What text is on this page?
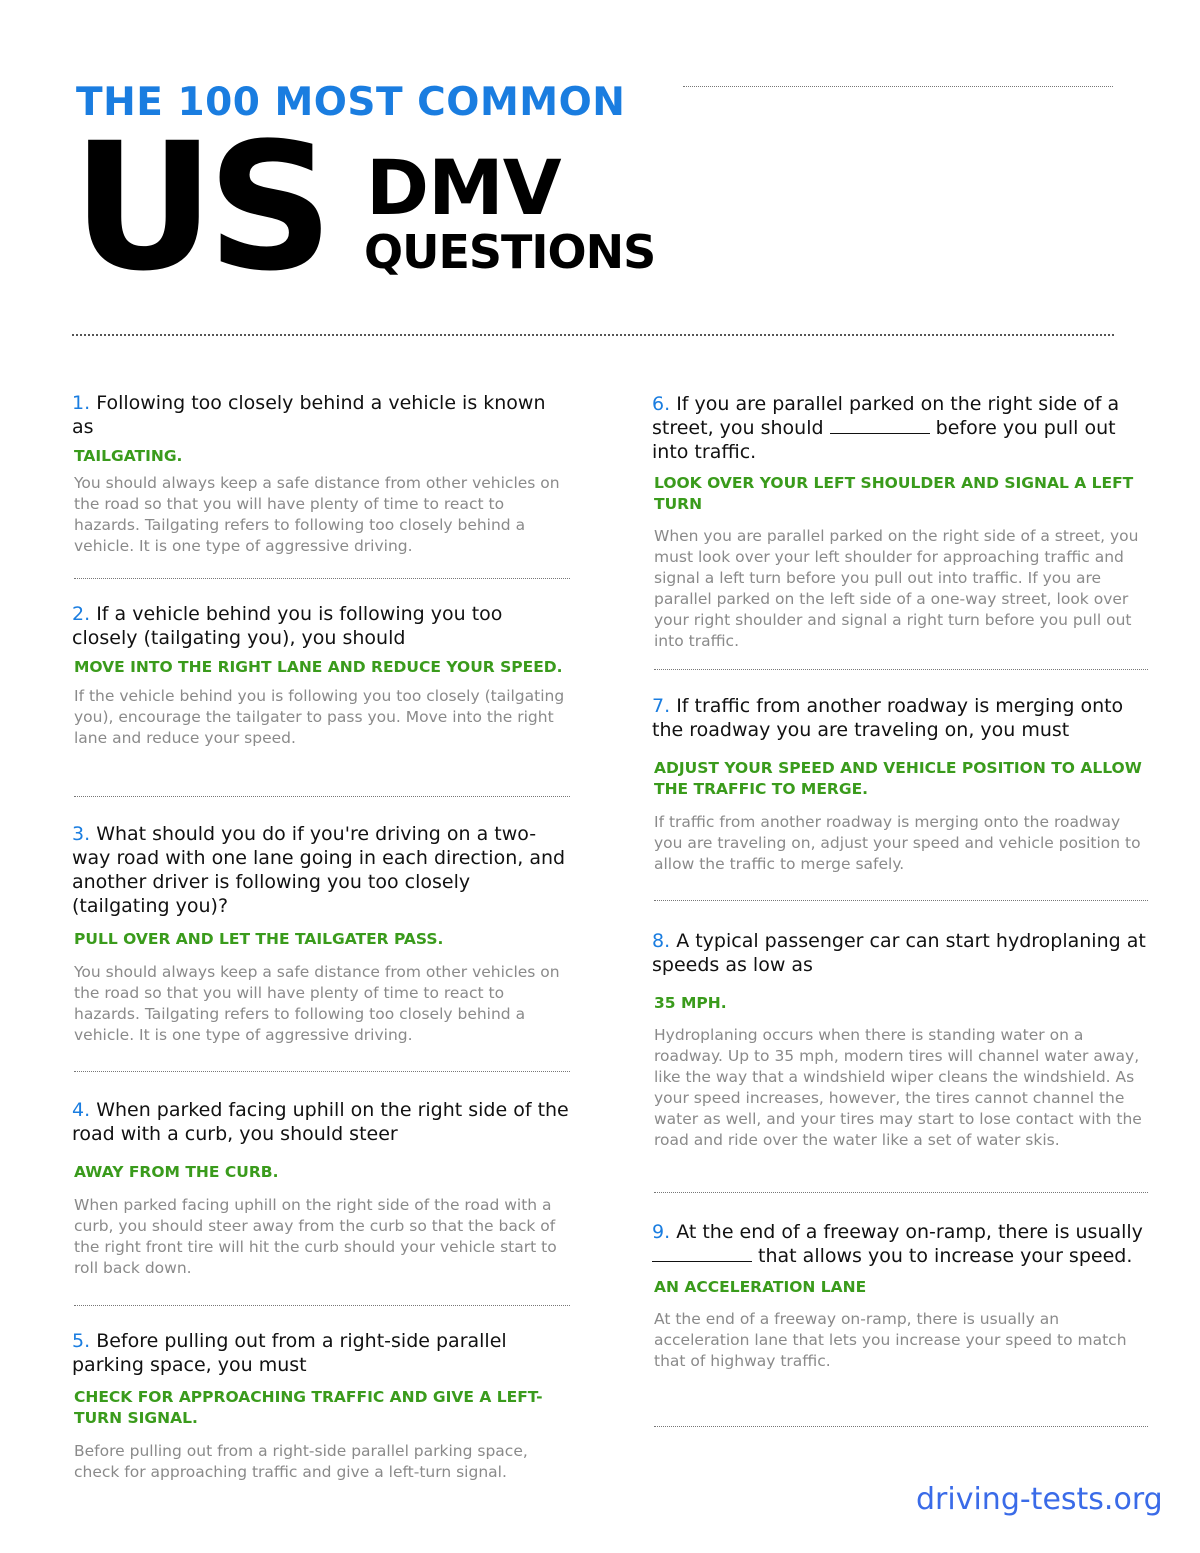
THE 100 MOST COMMON
US DMV
QUESTIONS

1. Following too closely behind a vehicle is known as

TAILGATING.

You should always keep a safe distance from other vehicles on the road so that you will have plenty of time to react to hazards. Tailgating refers to following too closely behind a vehicle. It is one type of aggressive driving.

2. If a vehicle behind you is following you too closely (tailgating you), you should

MOVE INTO THE RIGHT LANE AND REDUCE YOUR SPEED.

If the vehicle behind you is following you too closely (tailgating you), encourage the tailgater to pass you. Move into the right lane and reduce your speed.

3. What should you do if you're driving on a two-way road with one lane going in each direction, and another driver is following you too closely (tailgating you)?

PULL OVER AND LET THE TAILGATER PASS.

You should always keep a safe distance from other vehicles on the road so that you will have plenty of time to react to hazards. Tailgating refers to following too closely behind a vehicle. It is one type of aggressive driving.

4. When parked facing uphill on the right side of the road with a curb, you should steer

AWAY FROM THE CURB.

When parked facing uphill on the right side of the road with a curb, you should steer away from the curb so that the back of the right front tire will hit the curb should your vehicle start to roll back down.

5. Before pulling out from a right-side parallel parking space, you must

CHECK FOR APPROACHING TRAFFIC AND GIVE A LEFT-TURN SIGNAL.

Before pulling out from a right-side parallel parking space, check for approaching traffic and give a left-turn signal.

6. If you are parallel parked on the right side of a street, you should	before you pull out into traffic.

LOOK OVER YOUR LEFT SHOULDER AND SIGNAL A LEFT TURN

When you are parallel parked on the right side of a street, you must look over your left shoulder for approaching traffic and signal a left turn before you pull out into traffic. If you are parallel parked on the left side of a one-way street, look over your right shoulder and signal a right turn before you pull out into traffic.

7. If traffic from another roadway is merging onto the roadway you are traveling on, you must

ADJUST YOUR SPEED AND VEHICLE POSITION TO ALLOW THE TRAFFIC TO MERGE.

If traffic from another roadway is merging onto the roadway you are traveling on, adjust your speed and vehicle position to allow the traffic to merge safely.

8. A typical passenger car can start hydroplaning at speeds as low as

35 MPH.

Hydroplaning occurs when there is standing water on a roadway. Up to 35 mph, modern tires will channel water away, like the way that a windshield wiper cleans the windshield. As your speed increases, however, the tires cannot channel the water as well, and your tires may start to lose contact with the road and ride over the water like a set of water skis.

9. At the end of a freeway on-ramp, there is usually  that allows you to increase your speed.

AN ACCELERATION LANE

At the end of a freeway on-ramp, there is usually an acceleration lane that lets you increase your speed to match that of highway traffic.

driving-tests.org
